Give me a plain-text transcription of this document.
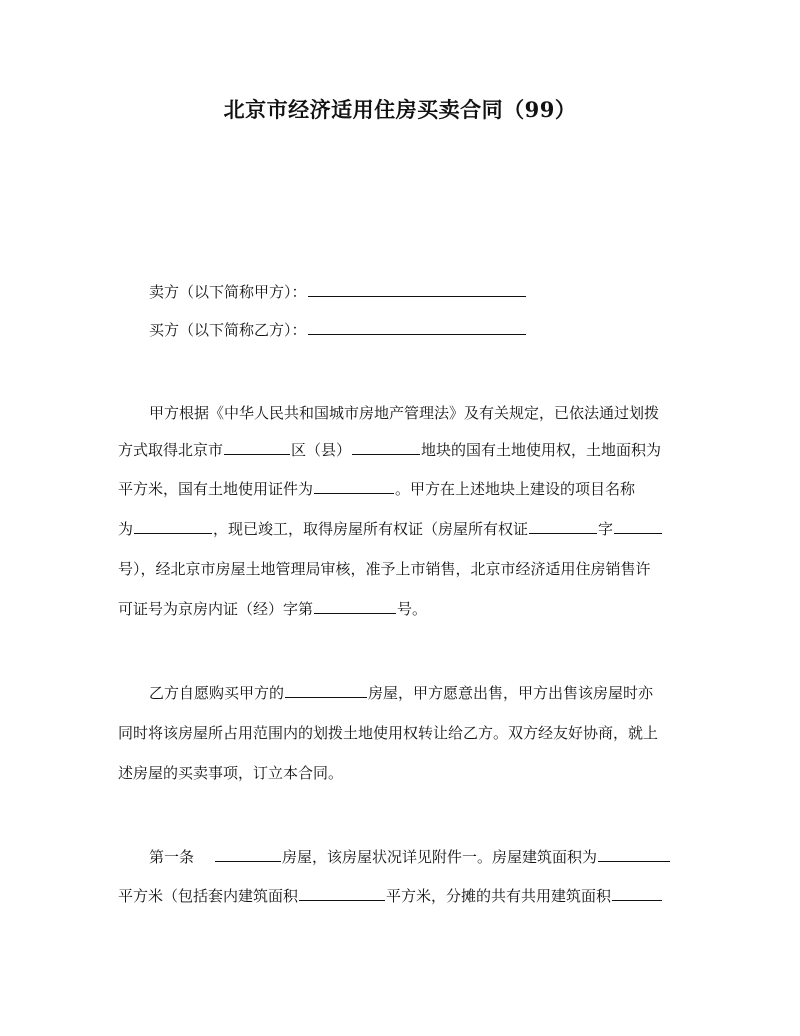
北京市经济适用住房买卖合同（99）
卖方（以下简称甲方）：
买方（以下简称乙方）：
甲方根据《中华人民共和国城市房地产管理法》及有关规定，已依法通过划拨
方式取得北京市	区（县）	地块的国有土地使用权，土地面积为
平方米，国有土地使用证件为	。甲方在上述地块上建设的项目名称
为	，现已竣工，取得房屋所有权证（房屋所有权证	字
号），经北京市房屋土地管理局审核，准予上市销售，北京市经济适用住房销售许
可证号为京房内证（经）字第	号。
乙方自愿购买甲方的	房屋，甲方愿意出售，甲方出售该房屋时亦
同时将该房屋所占用范围内的划拨土地使用权转让给乙方。双方经友好协商，就上
述房屋的买卖事项，订立本合同。
第一条	房屋，该房屋状况详见附件一。房屋建筑面积为
平方米（包括套内建筑面积	平方米，分摊的共有共用建筑面积
